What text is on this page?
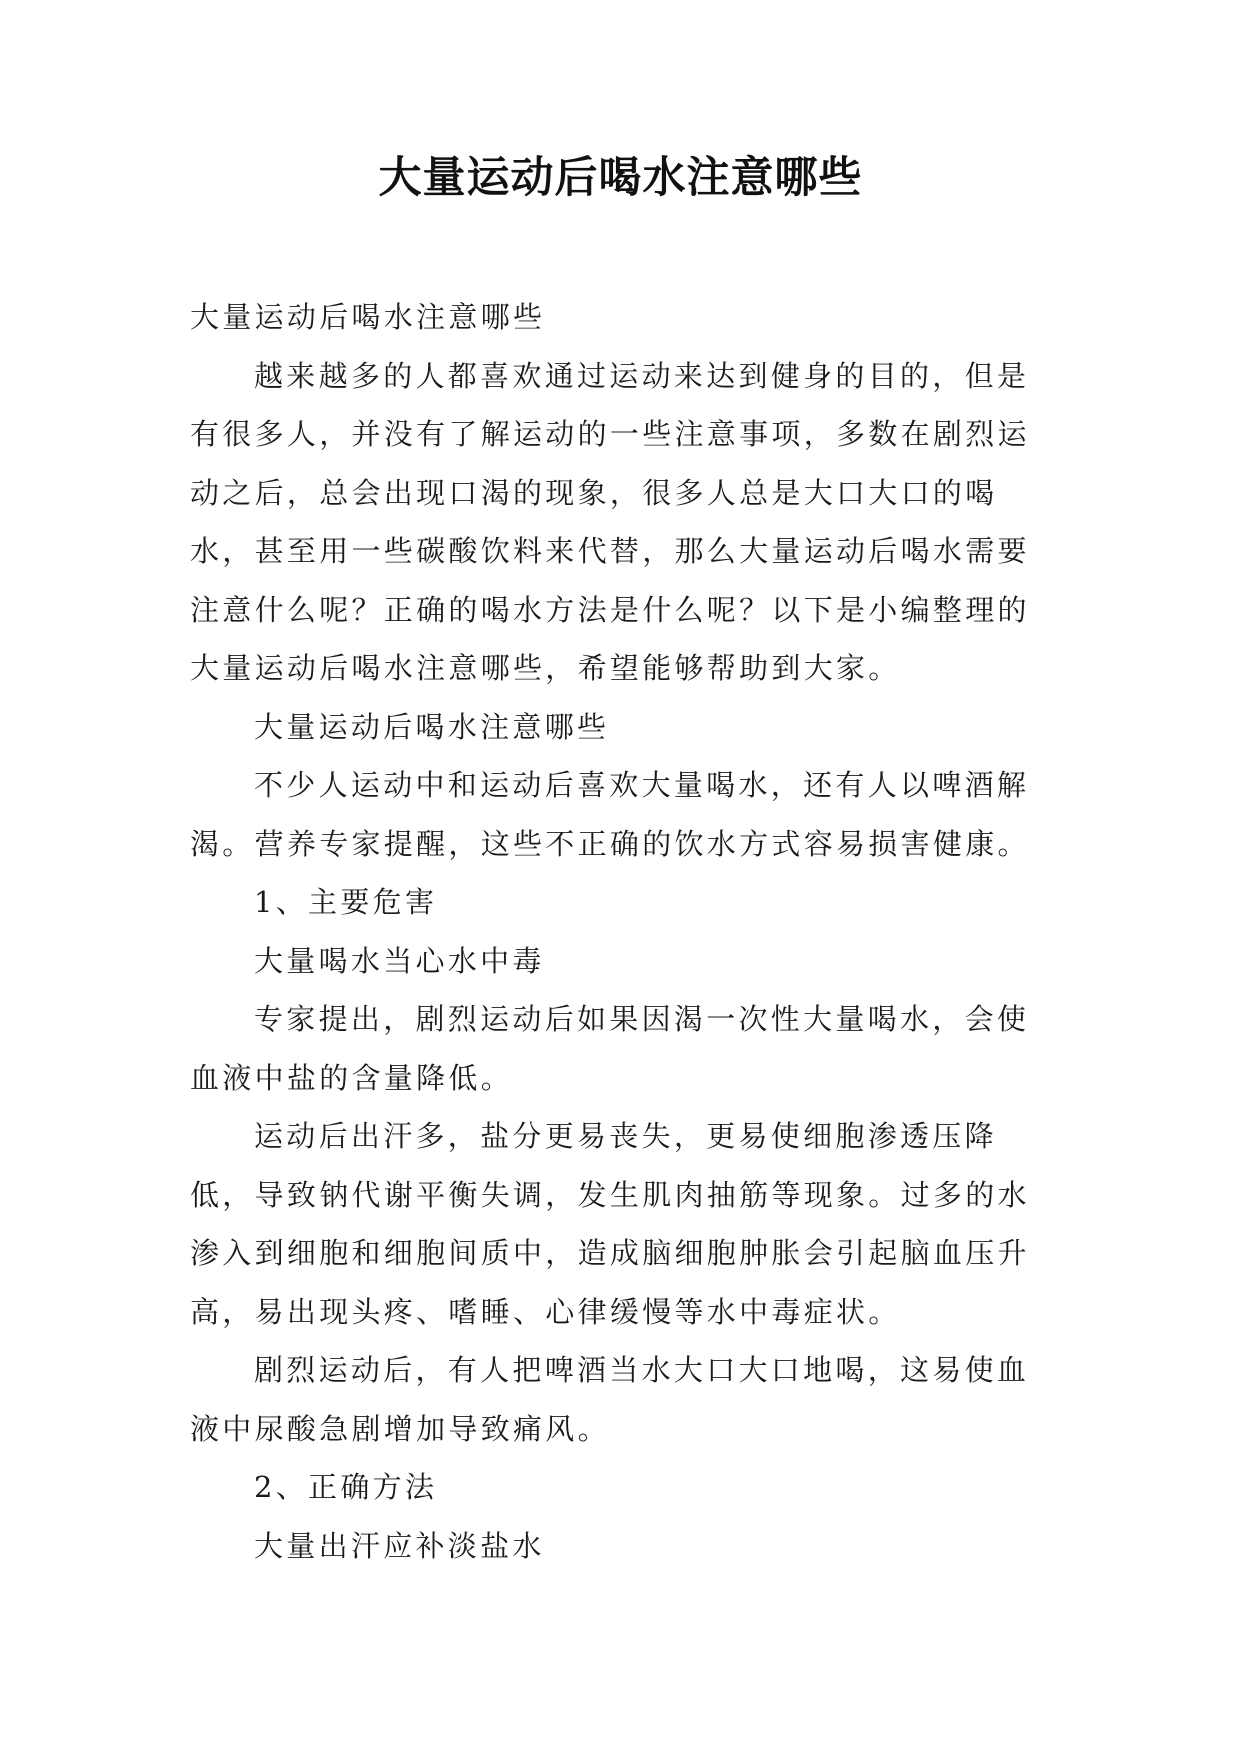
大量运动后喝水注意哪些

大量运动后喝水注意哪些

越来越多的人都喜欢通过运动来达到健身的目的，但是有很多人，并没有了解运动的一些注意事项，多数在剧烈运动之后，总会出现口渴的现象，很多人总是大口大口的喝水，甚至用一些碳酸饮料来代替，那么大量运动后喝水需要注意什么呢？正确的喝水方法是什么呢？以下是小编整理的大量运动后喝水注意哪些，希望能够帮助到大家。

大量运动后喝水注意哪些

不少人运动中和运动后喜欢大量喝水，还有人以啤酒解渴。营养专家提醒，这些不正确的饮水方式容易损害健康。

1、主要危害

大量喝水当心水中毒

专家提出，剧烈运动后如果因渴一次性大量喝水，会使血液中盐的含量降低。

运动后出汗多，盐分更易丧失，更易使细胞渗透压降低，导致钠代谢平衡失调，发生肌肉抽筋等现象。过多的水渗入到细胞和细胞间质中，造成脑细胞肿胀会引起脑血压升高，易出现头疼、嗜睡、心律缓慢等水中毒症状。

剧烈运动后，有人把啤酒当水大口大口地喝，这易使血液中尿酸急剧增加导致痛风。

2、正确方法

大量出汗应补淡盐水
